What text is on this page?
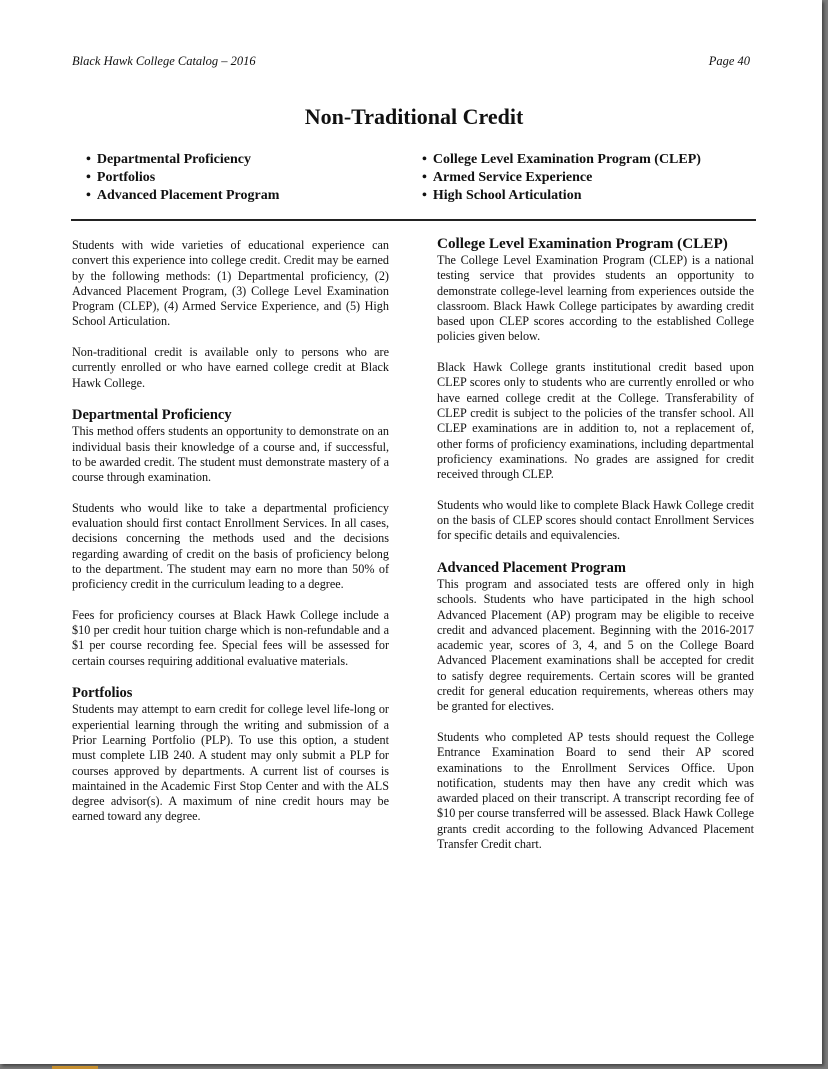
Black Hawk College Catalog – 2016	Page 40
Non-Traditional Credit
• Departmental Proficiency
• Portfolios
• Advanced Placement Program
• College Level Examination Program (CLEP)
• Armed Service Experience
• High School Articulation

Students with wide varieties of educational experience can convert this experience into college credit. Credit may be earned by the following methods: (1) Departmental proficiency, (2) Advanced Placement Program, (3) College Level Examination Program (CLEP), (4) Armed Service Experience, and (5) High School Articulation.

Non-traditional credit is available only to persons who are currently enrolled or who have earned college credit at Black Hawk College.

Departmental Proficiency

This method offers students an opportunity to demonstrate on an individual basis their knowledge of a course and, if successful, to be awarded credit. The student must demonstrate mastery of a course through examination.

Students who would like to take a departmental proficiency evaluation should first contact Enrollment Services. In all cases, decisions concerning the methods used and the decisions regarding awarding of credit on the basis of proficiency belong to the department. The student may earn no more than 50% of proficiency credit in the curriculum leading to a degree.

Fees for proficiency courses at Black Hawk College include a $10 per credit hour tuition charge which is non-refundable and a $1 per course recording fee. Special fees will be assessed for certain courses requiring additional evaluative materials.

Portfolios

Students may attempt to earn credit for college level life-long or experiential learning through the writing and submission of a Prior Learning Portfolio (PLP). To use this option, a student must complete LIB 240. A student may only submit a PLP for courses approved by departments. A current list of courses is maintained in the Academic First Stop Center and with the ALS degree advisor(s). A maximum of nine credit hours may be earned toward any degree.

College Level Examination Program (CLEP)

The College Level Examination Program (CLEP) is a national testing service that provides students an opportunity to demonstrate college-level learning from experiences outside the classroom. Black Hawk College participates by awarding credit based upon CLEP scores according to the established College policies given below.

Black Hawk College grants institutional credit based upon CLEP scores only to students who are currently enrolled or who have earned college credit at the College. Transferability of CLEP credit is subject to the policies of the transfer school. All CLEP examinations are in addition to, not a replacement of, other forms of proficiency examinations, including departmental proficiency examinations. No grades are assigned for credit received through CLEP.

Students who would like to complete Black Hawk College credit on the basis of CLEP scores should contact Enrollment Services for specific details and equivalencies.

Advanced Placement Program

This program and associated tests are offered only in high schools. Students who have participated in the high school Advanced Placement (AP) program may be eligible to receive credit and advanced placement. Beginning with the 2016-2017 academic year, scores of 3, 4, and 5 on the College Board Advanced Placement examinations shall be accepted for credit to satisfy degree requirements. Certain scores will be granted credit for general education requirements, whereas others may be granted for electives.

Students who completed AP tests should request the College Entrance Examination Board to send their AP scored examinations to the Enrollment Services Office. Upon notification, students may then have any credit which was awarded placed on their transcript. A transcript recording fee of $10 per course transferred will be assessed. Black Hawk College grants credit according to the following Advanced Placement Transfer Credit chart.
